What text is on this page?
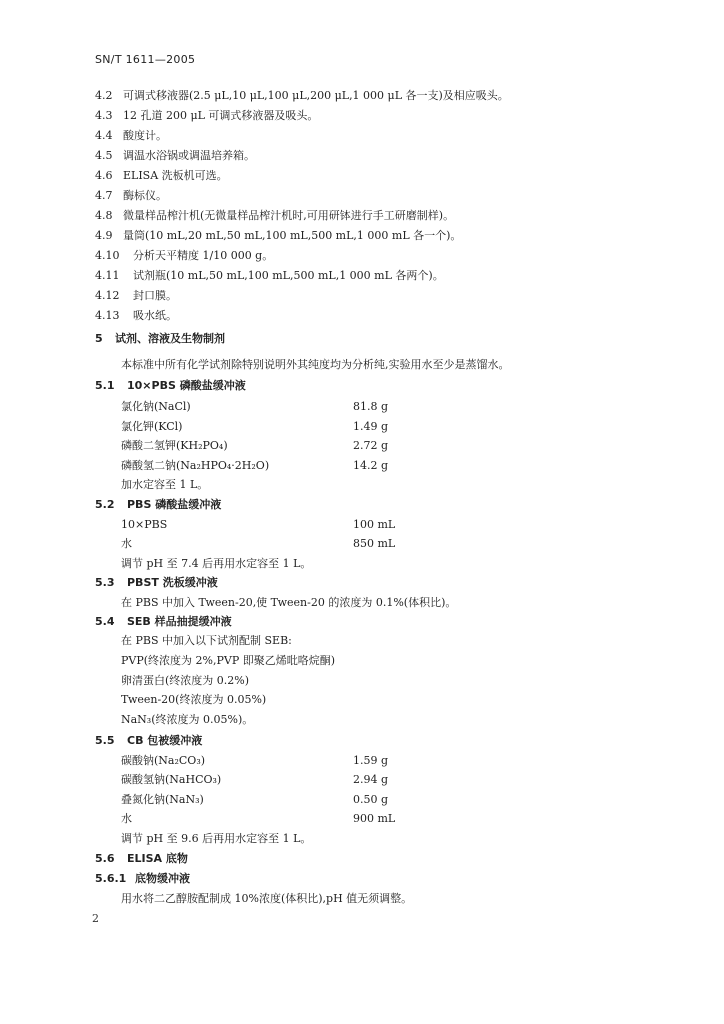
SN/T 1611—2005
4.2 可调式移液器(2.5 μL,10 μL,100 μL,200 μL,1 000 μL 各一支)及相应吸头。
4.3 12 孔道 200 μL 可调式移液器及吸头。
4.4 酸度计。
4.5 调温水浴锅或调温培养箱。
4.6 ELISA 洗板机可选。
4.7 酶标仪。
4.8 微量样品榨汁机(无微量样品榨汁机时,可用研钵进行手工研磨制样)。
4.9 量筒(10 mL,20 mL,50 mL,100 mL,500 mL,1 000 mL 各一个)。
4.10 分析天平精度 1/10 000 g。
4.11 试剂瓶(10 mL,50 mL,100 mL,500 mL,1 000 mL 各两个)。
4.12 封口膜。
4.13 吸水纸。
5 试剂、溶液及生物制剂
本标准中所有化学试剂除特别说明外其纯度均为分析纯,实验用水至少是蒸馏水。
5.1 10×PBS 磷酸盐缓冲液
氯化钠(NaCl)	81.8 g
氯化钾(KCl)	1.49 g
磷酸二氢钾(KH₂PO₄)	2.72 g
磷酸氢二钠(Na₂HPO₄·2H₂O)	14.2 g
加水定容至 1 L。
5.2 PBS 磷酸盐缓冲液
10×PBS	100 mL
水	850 mL
调节 pH 至 7.4 后再用水定容至 1 L。
5.3 PBST 洗板缓冲液
在 PBS 中加入 Tween-20,使 Tween-20 的浓度为 0.1%(体积比)。
5.4 SEB 样品抽提缓冲液
在 PBS 中加入以下试剂配制 SEB:
PVP(终浓度为 2%,PVP 即聚乙烯吡咯烷酮)
卵清蛋白(终浓度为 0.2%)
Tween-20(终浓度为 0.05%)
NaN₃(终浓度为 0.05%)。
5.5 CB 包被缓冲液
碳酸钠(Na₂CO₃)	1.59 g
碳酸氢钠(NaHCO₃)	2.94 g
叠氮化钠(NaN₃)	0.50 g
水	900 mL
调节 pH 至 9.6 后再用水定容至 1 L。
5.6 ELISA 底物
5.6.1 底物缓冲液
用水将二乙醇胺配制成 10%浓度(体积比),pH 值无须调整。
2
